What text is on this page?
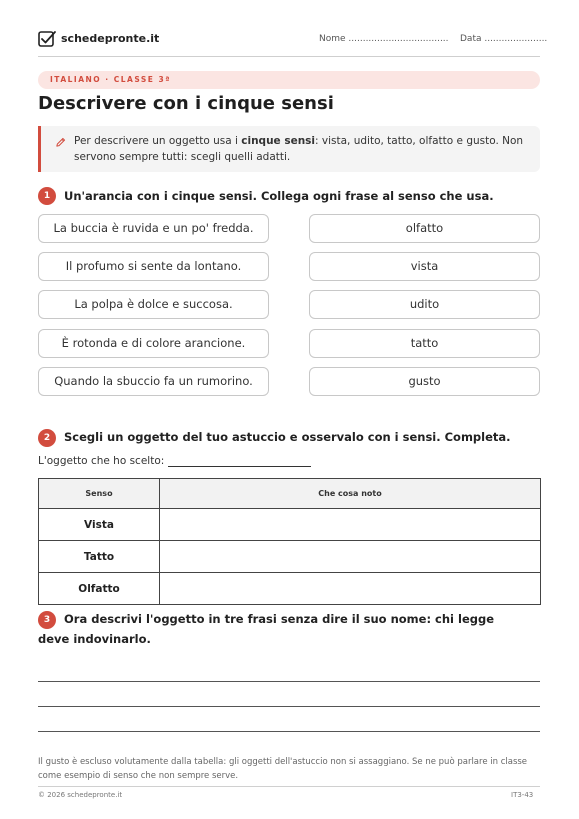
schedepronte.it	Nome ................................... Data ......................
ITALIANO · CLASSE 3ª
Descrivere con i cinque sensi
Per descrivere un oggetto usa i cinque sensi: vista, udito, tatto, olfatto e gusto. Non servono sempre tutti: scegli quelli adatti.
1	Un'arancia con i cinque sensi. Collega ogni frase al senso che usa.
La buccia è ruvida e un po' fredda.
Il profumo si sente da lontano.
La polpa è dolce e succosa.
È rotonda e di colore arancione.
Quando la sbuccio fa un rumorino.
olfatto
vista
udito
tatto
gusto
2	Scegli un oggetto del tuo astuccio e osservalo con i sensi. Completa.
L'oggetto che ho scelto:
Senso	Che cosa noto
Vista	
Tatto	
Olfatto	
3	Ora descrivi l'oggetto in tre frasi senza dire il suo nome: chi legge deve indovinarlo.
Il gusto è escluso volutamente dalla tabella: gli oggetti dell'astuccio non si assaggiano. Se ne può parlare in classe come esempio di senso che non sempre serve.
© 2026 schedepronte.it	IT3-43
